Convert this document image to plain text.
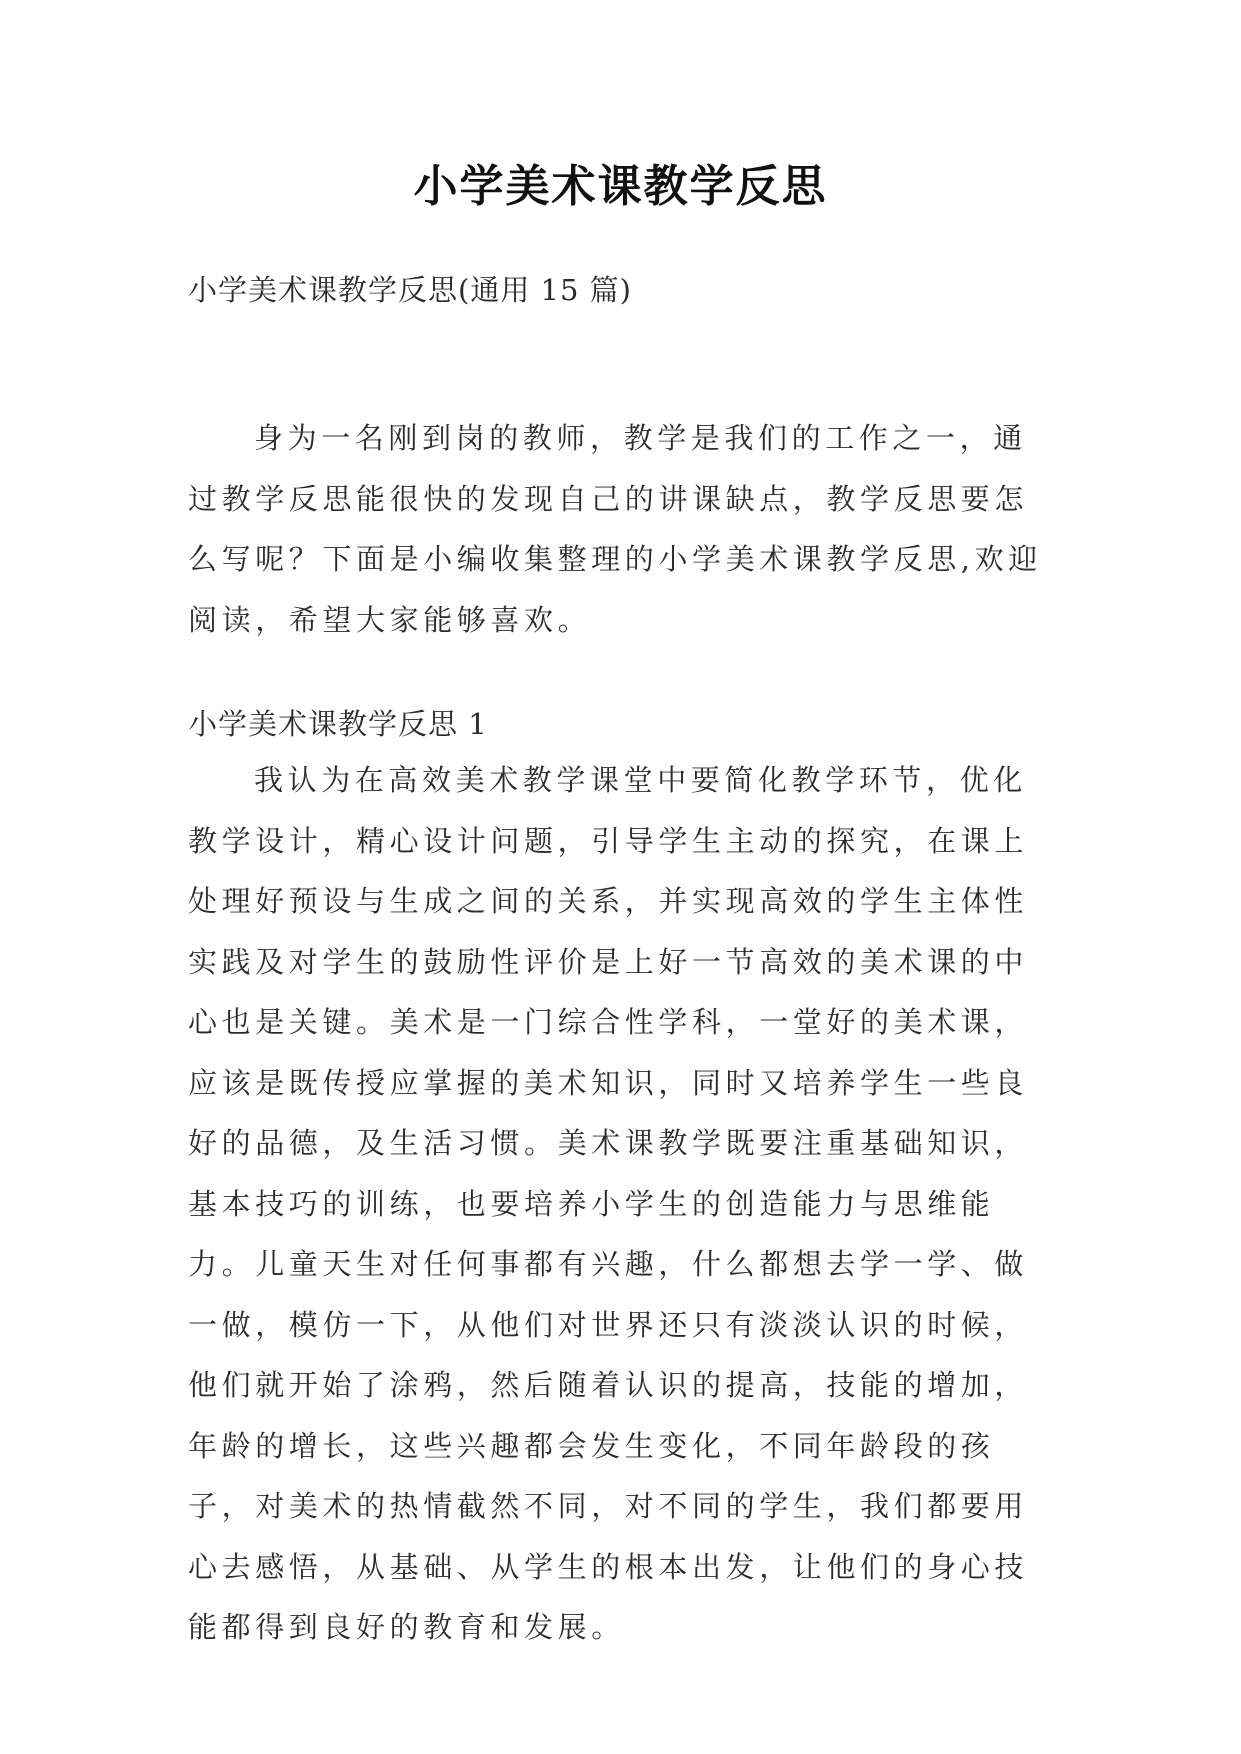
小学美术课教学反思
小学美术课教学反思(通用 15 篇)

身为一名刚到岗的教师，教学是我们的工作之一，通过教学反思能很快的发现自己的讲课缺点，教学反思要怎么写呢？下面是小编收集整理的小学美术课教学反思,欢迎阅读，希望大家能够喜欢。

小学美术课教学反思 1

我认为在高效美术教学课堂中要简化教学环节，优化教学设计，精心设计问题，引导学生主动的探究，在课上处理好预设与生成之间的关系，并实现高效的学生主体性实践及对学生的鼓励性评价是上好一节高效的美术课的中心也是关键。美术是一门综合性学科，一堂好的美术课，应该是既传授应掌握的美术知识，同时又培养学生一些良好的品德，及生活习惯。美术课教学既要注重基础知识，基本技巧的训练，也要培养小学生的创造能力与思维能力。儿童天生对任何事都有兴趣，什么都想去学一学、做一做，模仿一下，从他们对世界还只有淡淡认识的时候，他们就开始了涂鸦，然后随着认识的提高，技能的增加，年龄的增长，这些兴趣都会发生变化，不同年龄段的孩子，对美术的热情截然不同，对不同的学生，我们都要用心去感悟，从基础、从学生的根本出发，让他们的身心技能都得到良好的教育和发展。
